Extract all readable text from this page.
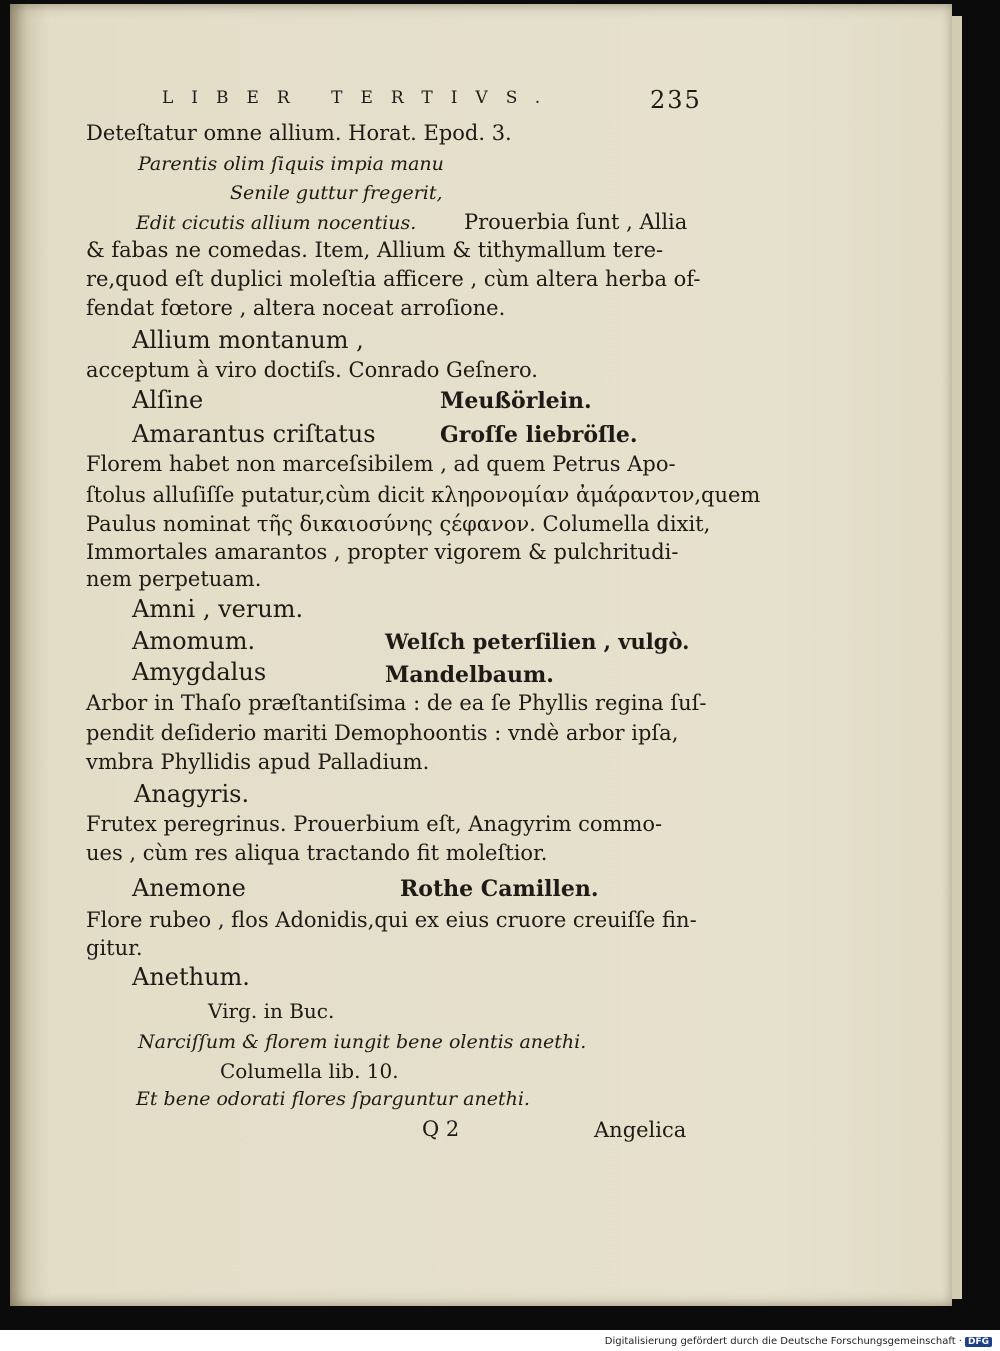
LIBER TERTIVS.	235
Deteſtatur omne allium. Horat. Epod. 3.
Parentis olim ſiquis impia manu
Senile guttur fregerit,
Edit cicutis allium nocentius. Prouerbia ſunt , Allia
& fabas ne comedas. Item, Allium & tithymallum tere-
re,quod eſt duplici moleſtia afficere , cùm altera herba of-
fendat fœtore , altera noceat arroſione.
Allium montanum ,
acceptum à viro doctiſs. Conrado Geſnero.
Alſine	Meußörlein.
Amarantus criſtatus	Groſſe liebröſle.
Florem habet non marceſsibilem , ad quem Petrus Apo-
ſtolus alluſiſſe putatur,cùm dicit κληρονομίαν ἀμάραντον,quem
Paulus nominat τῆς δικαιοσύνης ςέφανον. Columella dixit,
Immortales amarantos , propter vigorem & pulchritudi-
nem perpetuam.
Amni , verum.
Amomum.	Welſch peterſilien , vulgò.
Amygdalus	Mandelbaum.
Arbor in Thaſo præſtantiſsima : de ea ſe Phyllis regina ſuſ-
pendit deſiderio mariti Demophoontis : vndè arbor ipſa,
vmbra Phyllidis apud Palladium.
Anagyris.
Frutex peregrinus. Prouerbium eſt, Anagyrim commo-
ues , cùm res aliqua tractando fit moleſtior.
Anemone	Rothe Camillen.
Flore rubeo , flos Adonidis,qui ex eius cruore creuiſſe fin-
gitur.
Anethum.
Virg. in Buc.
Narciſſum & florem iungit bene olentis anethi.
Columella lib. 10.
Et bene odorati flores ſparguntur anethi.
Q 2	Angelica
Digitalisierung gefördert durch die Deutsche Forschungsgemeinschaft · DFG
